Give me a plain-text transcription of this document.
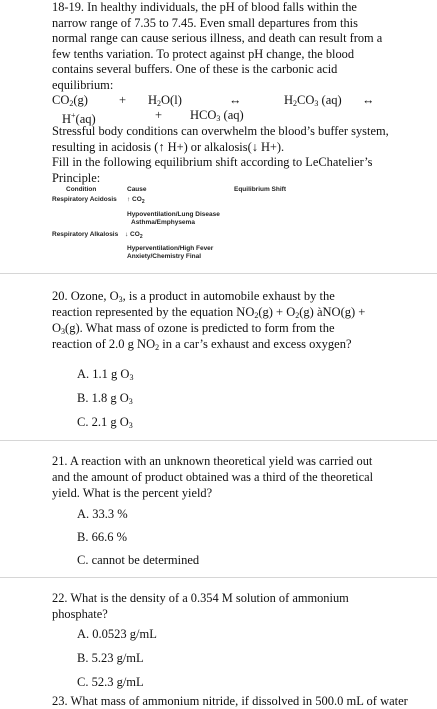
18-19. In healthy individuals, the pH of blood falls within the narrow range of 7.35 to 7.45. Even small departures from this normal range can cause serious illness, and death can result from a few tenths variation. To protect against pH change, the blood contains several buffers. One of these is the carbonic acid equilibrium:
$CO_2(g) + H_2O(l)$	↔	$H_2CO_3$ (aq) ↔
H+(aq)	+ $HCO_3$ (aq)
Stressful body conditions can overwhelm the blood’s buffer system, resulting in acidosis (↑ H+) or alkalosis(↓ H+).
Fill in the following equilibrium shift according to LeChatelier’s Principle:
Condition	Cause	Equilibrium Shift
Respiratory Acidosis ↑ $CO_2$
Hypoventilation/Lung Disease
Asthma/Emphysema
Respiratory Alkalosis ↓ $CO_2$
Hyperventilation/High Fever
Anxiety/Chemistry Final
20. Ozone, $O_3$, is a product in automobile exhaust by the
reaction represented by the equation $NO_2(g) + O_2(g)$ àNO(g) +
$O_3(g)$. What mass of ozone is predicted to form from the
reaction of 2.0 g $NO_2$ in a car’s exhaust and excess oxygen?
A. 1.1 g $O_3$
B. 1.8 g $O_3$
C. 2.1 g $O_3$
21. A reaction with an unknown theoretical yield was carried out and the amount of product obtained was a third of the theoretical yield. What is the percent yield?
A. 33.3 %
B. 66.6 %
C. cannot be determined
22. What is the density of a 0.354 M solution of ammonium phosphate?
A. 0.0523 g/mL
B. 5.23 g/mL
C. 52.3 g/mL
23. What mass of ammonium nitride, if dissolved in 500.0 mL of water
